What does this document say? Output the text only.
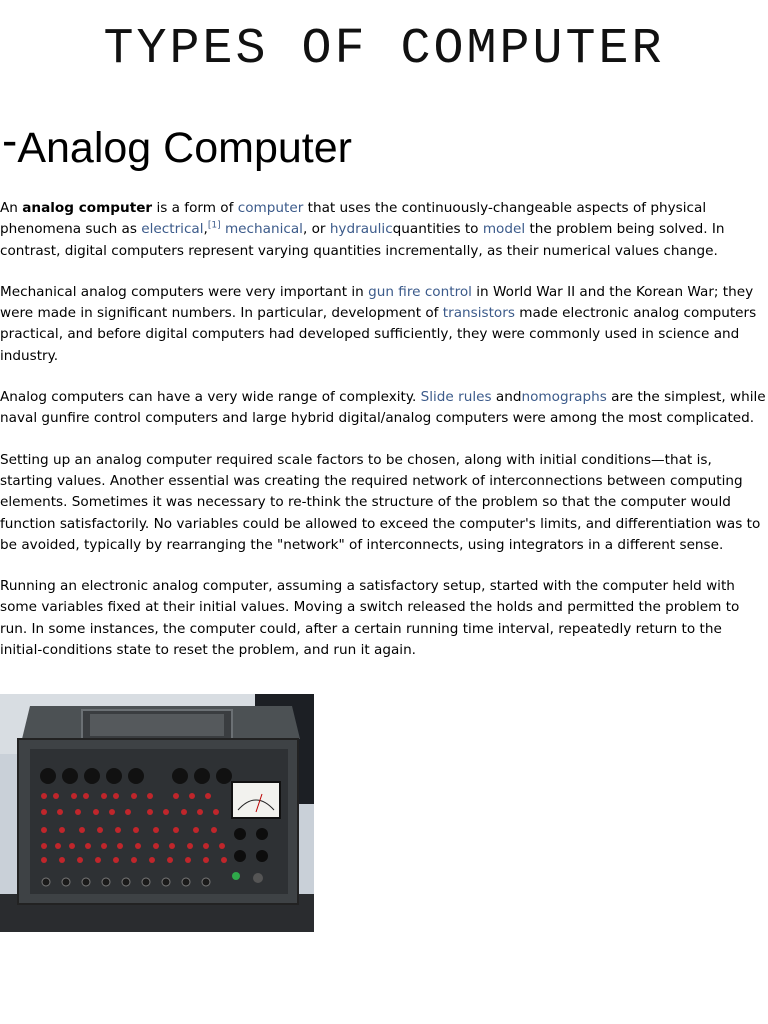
TYPES OF COMPUTER
-Analog Computer

An analog computer is a form of computer that uses the continuously-changeable aspects of physical phenomena such as electrical,[1] mechanical, or hydraulicquantities to model the problem being solved. In contrast, digital computers represent varying quantities incrementally, as their numerical values change.

Mechanical analog computers were very important in gun fire control in World War II and the Korean War; they were made in significant numbers. In particular, development of transistors made electronic analog computers practical, and before digital computers had developed sufficiently, they were commonly used in science and industry.

Analog computers can have a very wide range of complexity. Slide rules andnomographs are the simplest, while naval gunfire control computers and large hybrid digital/analog computers were among the most complicated.

Setting up an analog computer required scale factors to be chosen, along with initial conditions—that is, starting values. Another essential was creating the required network of interconnections between computing elements. Sometimes it was necessary to re-think the structure of the problem so that the computer would function satisfactorily. No variables could be allowed to exceed the computer's limits, and differentiation was to be avoided, typically by rearranging the "network" of interconnects, using integrators in a different sense.

Running an electronic analog computer, assuming a satisfactory setup, started with the computer held with some variables fixed at their initial values. Moving a switch released the holds and permitted the problem to run. In some instances, the computer could, after a certain running time interval, repeatedly return to the initial-conditions state to reset the problem, and run it again.
